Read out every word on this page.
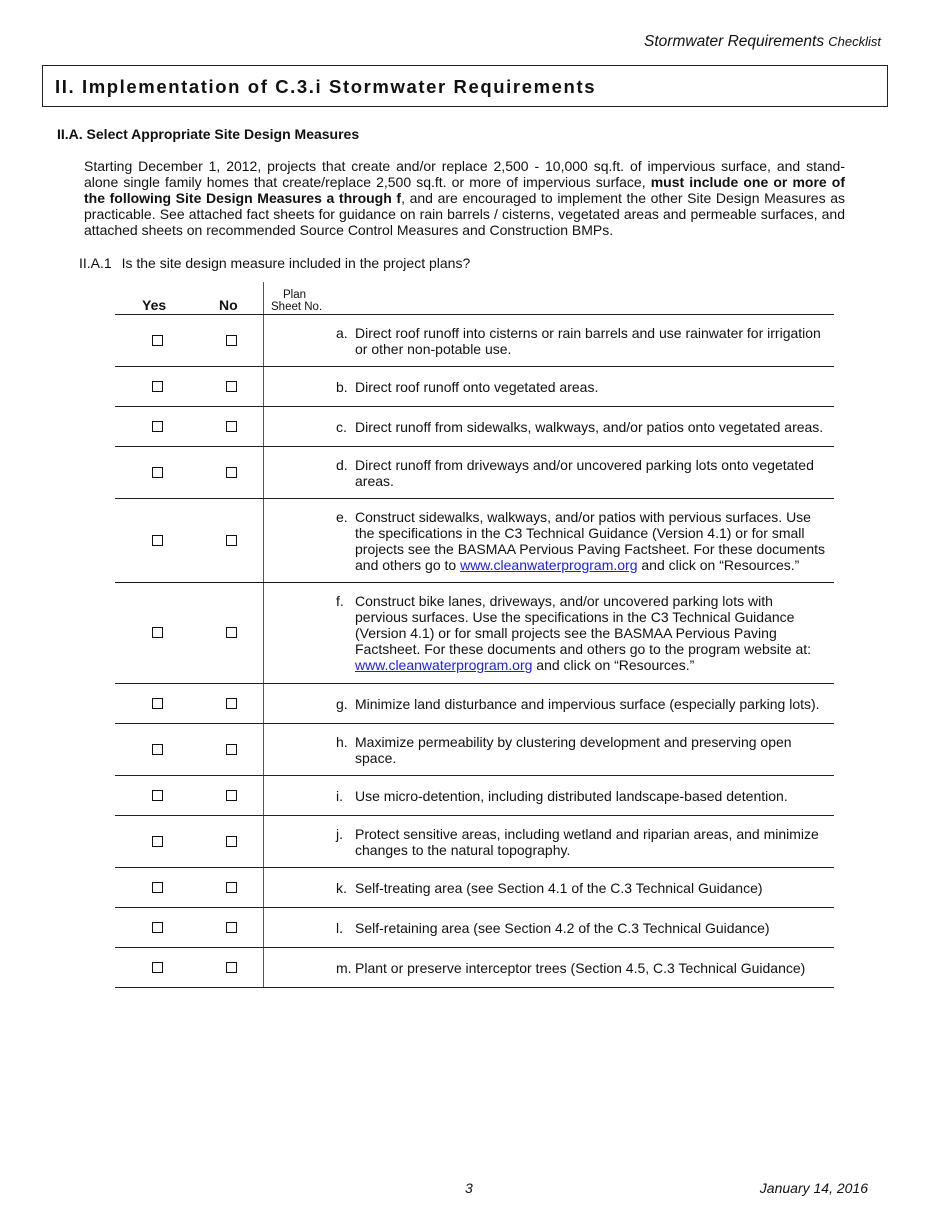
Stormwater Requirements Checklist
II. Implementation of C.3.i Stormwater Requirements
II.A. Select Appropriate Site Design Measures
Starting December 1, 2012, projects that create and/or replace 2,500 - 10,000 sq.ft. of impervious surface, and stand-alone single family homes that create/replace 2,500 sq.ft. or more of impervious surface, must include one or more of the following Site Design Measures a through f, and are encouraged to implement the other Site Design Measures as practicable. See attached fact sheets for guidance on rain barrels / cisterns, vegetated areas and permeable surfaces, and attached sheets on recommended Source Control Measures and Construction BMPs.
II.A.1 Is the site design measure included in the project plans?
Yes	No
Plan
Sheet No.
a. Direct roof runoff into cisterns or rain barrels and use rainwater for irrigation or other non-potable use.
b. Direct roof runoff onto vegetated areas.
c. Direct runoff from sidewalks, walkways, and/or patios onto vegetated areas.
d. Direct runoff from driveways and/or uncovered parking lots onto vegetated areas.
e. Construct sidewalks, walkways, and/or patios with pervious surfaces. Use the specifications in the C3 Technical Guidance (Version 4.1) or for small projects see the BASMAA Pervious Paving Factsheet. For these documents and others go to www.cleanwaterprogram.org and click on “Resources.”
f. Construct bike lanes, driveways, and/or uncovered parking lots with pervious surfaces. Use the specifications in the C3 Technical Guidance (Version 4.1) or for small projects see the BASMAA Pervious Paving Factsheet. For these documents and others go to the program website at: www.cleanwaterprogram.org and click on “Resources.”
g. Minimize land disturbance and impervious surface (especially parking lots).
h. Maximize permeability by clustering development and preserving open space.
i. Use micro-detention, including distributed landscape-based detention.
j. Protect sensitive areas, including wetland and riparian areas, and minimize changes to the natural topography.
k. Self-treating area (see Section 4.1 of the C.3 Technical Guidance)
l. Self-retaining area (see Section 4.2 of the C.3 Technical Guidance)
m. Plant or preserve interceptor trees (Section 4.5, C.3 Technical Guidance)
3	January 14, 2016
